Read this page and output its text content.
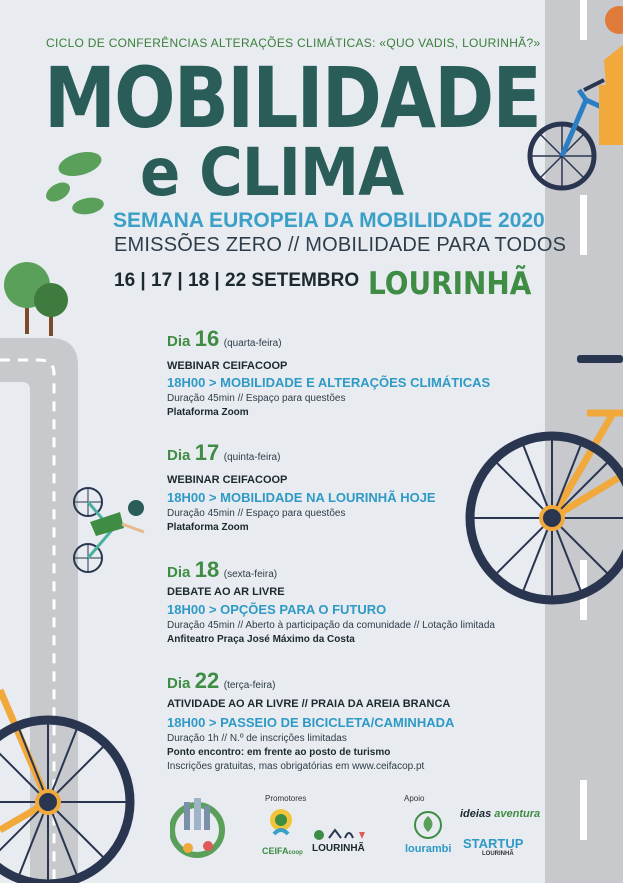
CICLO DE CONFERÊNCIAS ALTERAÇÕES CLIMÁTICAS: «QUO VADIS, LOURINHÃ?»
MOBILIDADE
e CLIMA
SEMANA EUROPEIA DA MOBILIDADE 2020
EMISSÕES ZERO // MOBILIDADE PARA TODOS
16 | 17 | 18 | 22 SETEMBRO LOURINHÃ
Dia 16 (quarta-feira)
WEBINAR CEIFACOOP
18H00 > MOBILIDADE E ALTERAÇÕES CLIMÁTICAS
Duração 45min // Espaço para questões
Plataforma Zoom
Dia 17 (quinta-feira)
WEBINAR CEIFACOOP
18H00 > MOBILIDADE NA LOURINHÃ HOJE
Duração 45min // Espaço para questões
Plataforma Zoom
Dia 18 (sexta-feira)
DEBATE AO AR LIVRE
18H00 > OPÇÕES PARA O FUTURO
Duração 45min // Aberto à participação da comunidade // Lotação limitada
Anfiteatro Praça José Máximo da Costa
Dia 22 (terça-feira)
ATIVIDADE AO AR LIVRE // PRAIA DA AREIA BRANCA
18H00 > PASSEIO DE BICICLETA/CAMINHADA
Duração 1h // N.º de inscrições limitadas
Ponto encontro: em frente ao posto de turismo
Inscrições gratuitas, mas obrigatórias em www.ceifacop.pt
Promotores	Apoio
CEIFAcoop LOURINHÃ	lourambi
ideias aventura
STARTUP
LOURINHÃ
